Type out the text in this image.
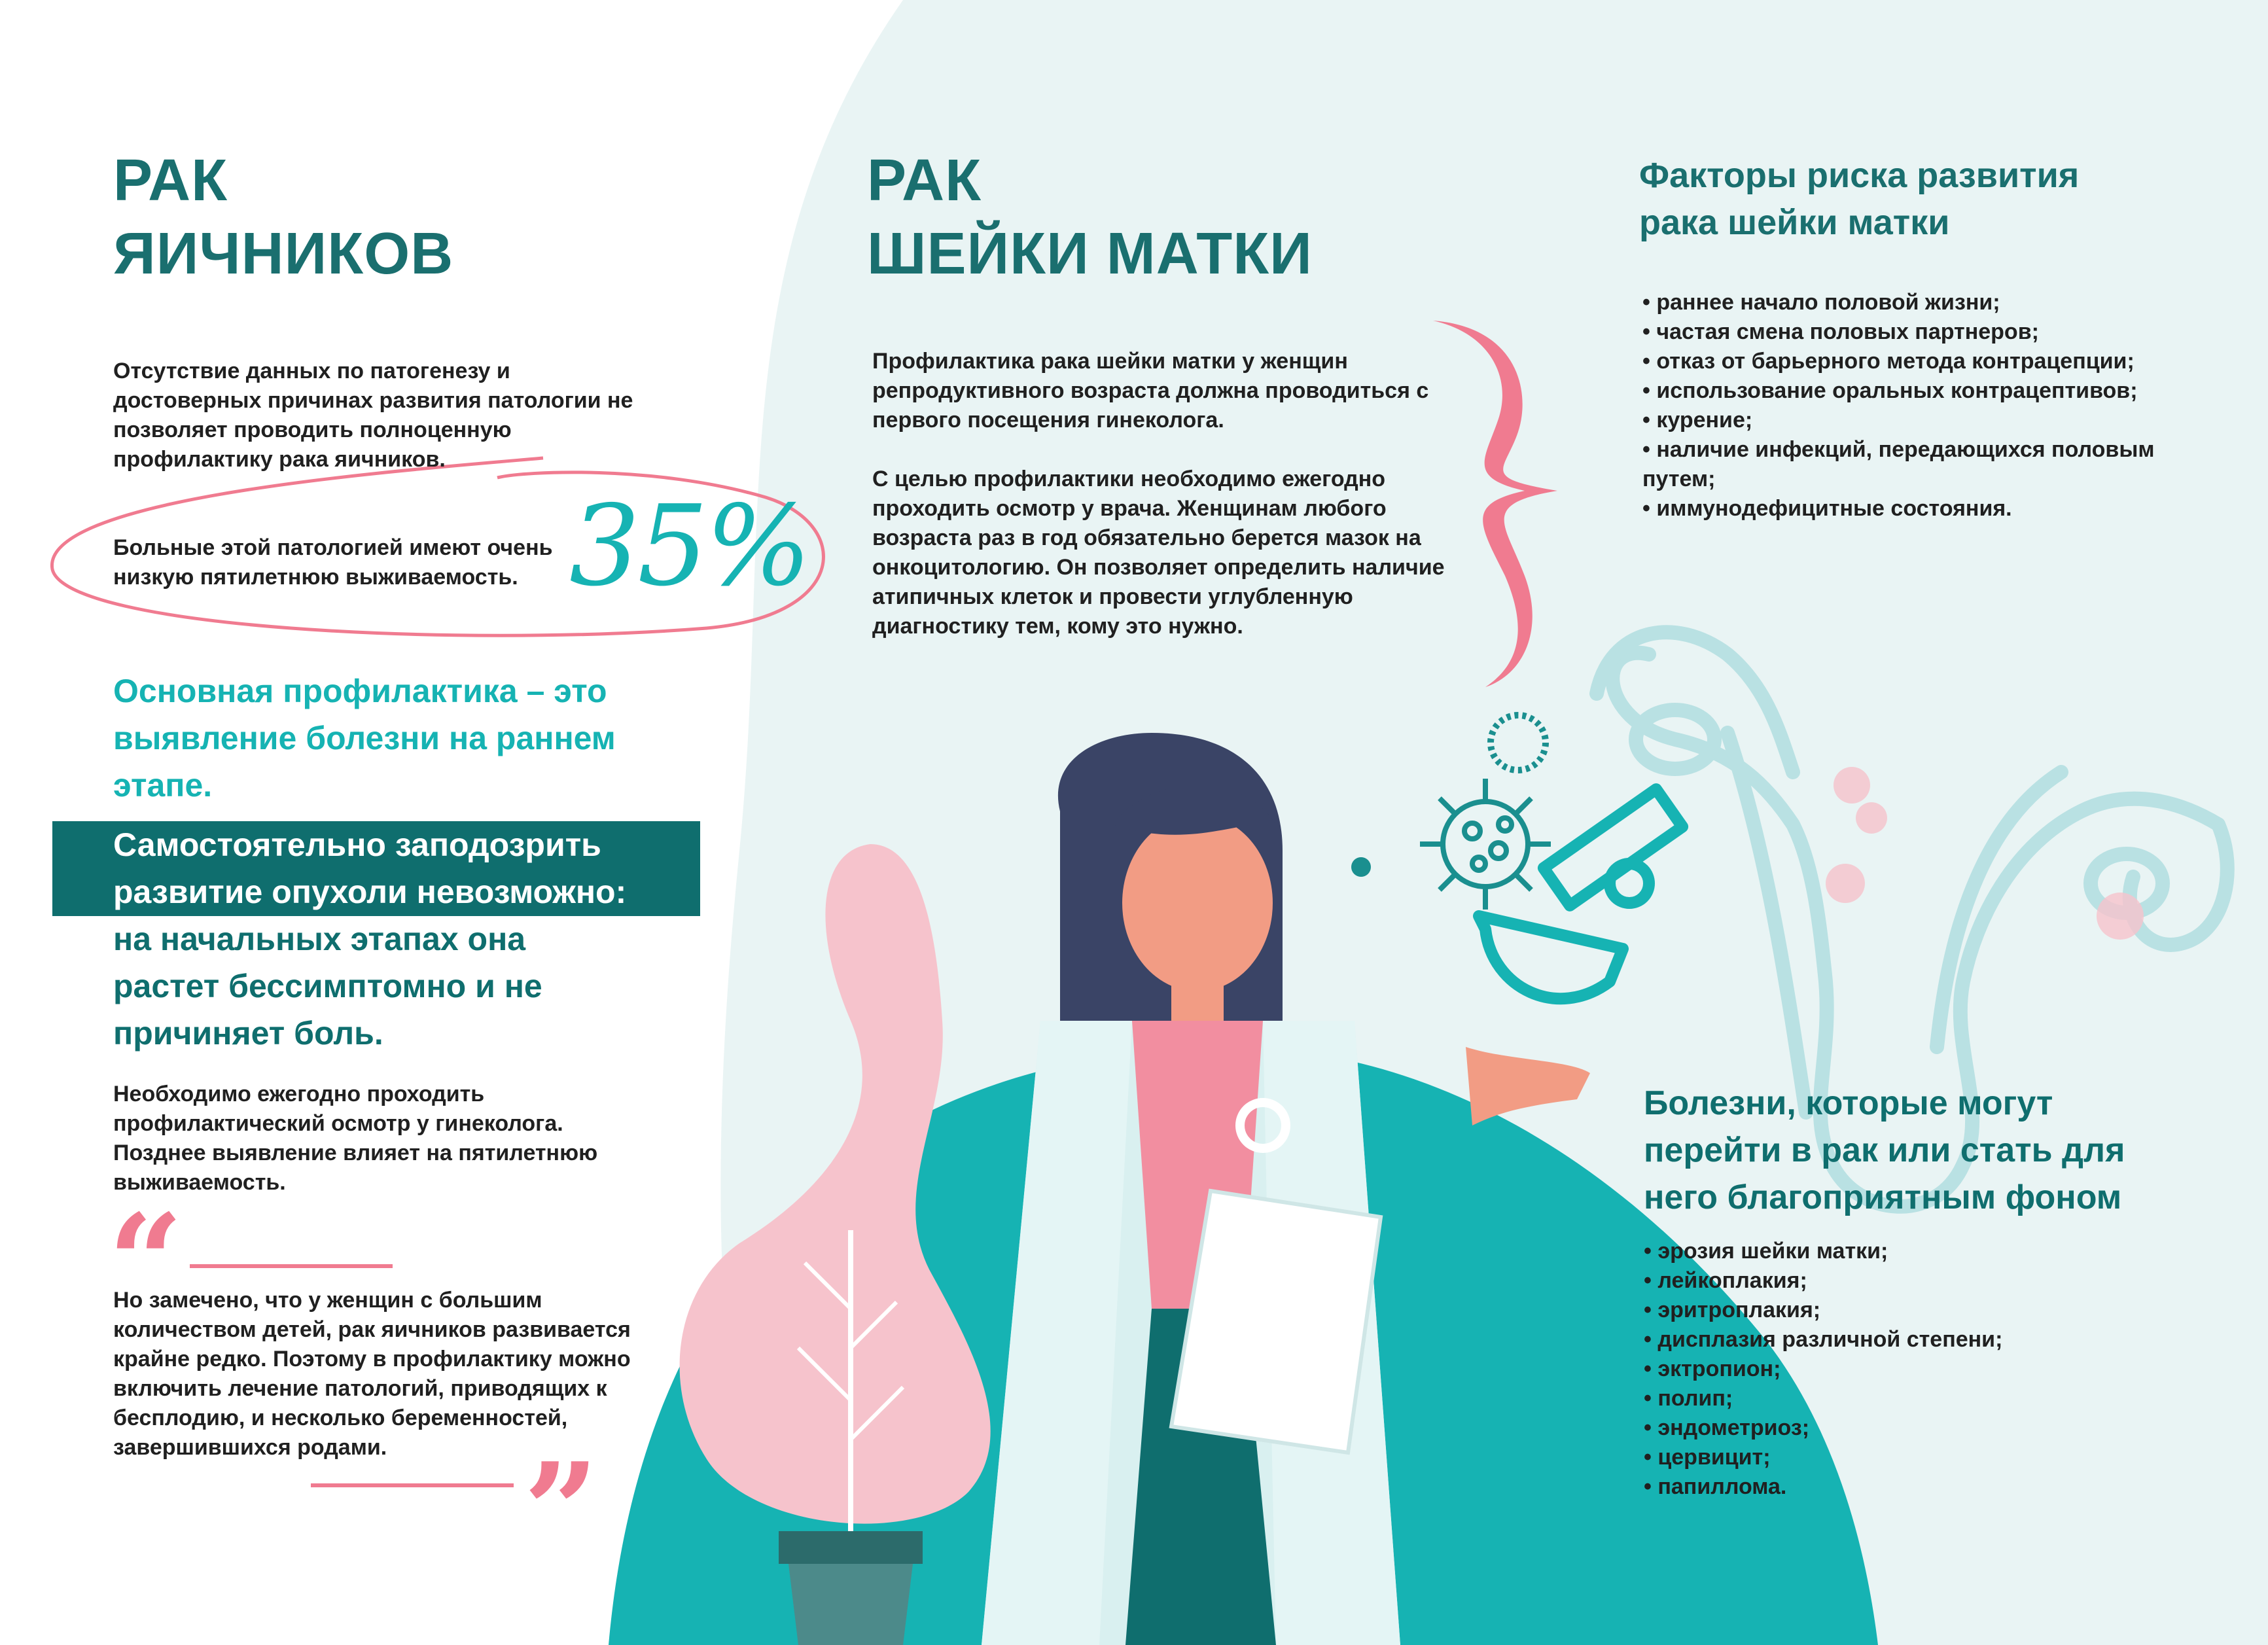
РАК
ЯИЧНИКОВ
Отсутствие данных по патогенезу и достоверных причинах развития патологии не позволяет проводить полноценную профилактику рака яичников.
Больные этой патологией имеют очень низкую пятилетнюю выживаемость. 35%
Основная профилактика – это выявление болезни на раннем этапе.
Самостоятельно заподозрить
развитие опухоли невозможно:
на начальных этапах она растет бессимптомно и не причиняет боль.
Необходимо ежегодно проходить профилактический осмотр у гинеколога. Позднее выявление влияет на пятилетнюю выживаемость.
“
Но замечено, что у женщин с большим количеством детей, рак яичников развивается крайне редко. Поэтому в профилактику можно включить лечение патологий, приводящих к бесплодию, и несколько беременностей, завершившихся родами.	”
РАК
ШЕЙКИ МАТКИ
Профилактика рака шейки матки у женщин репродуктивного возраста должна проводиться с первого посещения гинеколога.
С целью профилактики необходимо ежегодно проходить осмотр у врача. Женщинам любого возраста раз в год обязательно берется мазок на онкоцитологию. Он позволяет определить наличие атипичных клеток и провести углубленную диагностику тем, кому это нужно.
Факторы риска развития рака шейки матки
• раннее начало половой жизни;
• частая смена половых партнеров;
• отказ от барьерного метода контрацепции;
• использование оральных контрацептивов;
• курение;
• наличие инфекций, передающихся половым путем;
• иммунодефицитные состояния.
Болезни, которые могут перейти в рак или стать для него благоприятным фоном
• эрозия шейки матки;
• лейкоплакия;
• эритроплакия;
• дисплазия различной степени;
• эктропион;
• полип;
• эндометриоз;
• цервицит;
• папиллома.
